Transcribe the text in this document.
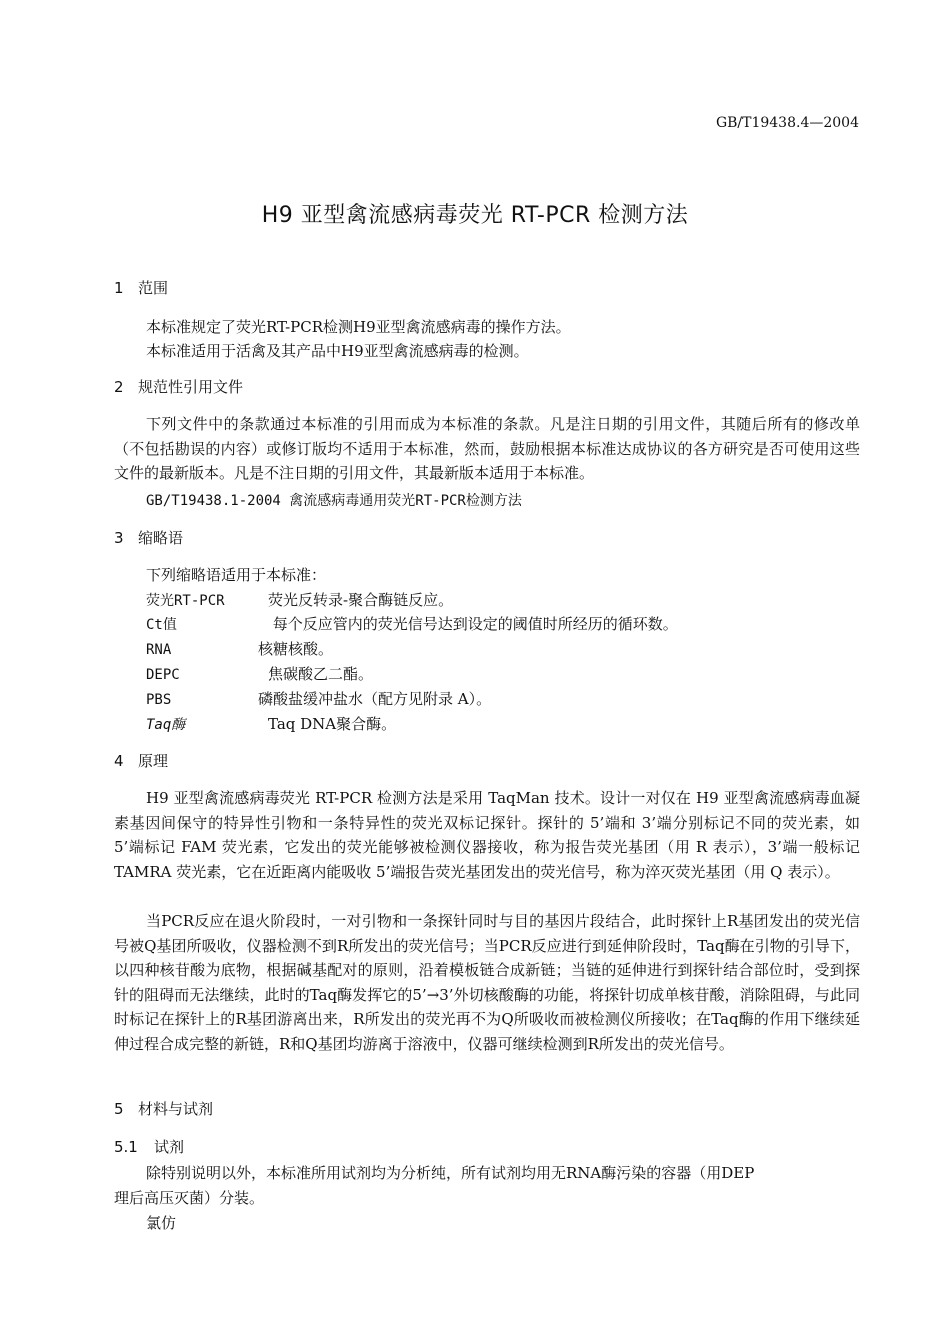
GB/T19438.4—2004
H9 亚型禽流感病毒荧光 RT-PCR 检测方法
1 范围
本标准规定了荧光RT-PCR检测H9亚型禽流感病毒的操作方法。
本标准适用于活禽及其产品中H9亚型禽流感病毒的检测。
2 规范性引用文件

下列文件中的条款通过本标准的引用而成为本标准的条款。凡是注日期的引用文件，其随后所有的修改单（不包括勘误的内容）或修订版均不适用于本标准，然而，鼓励根据本标准达成协议的各方研究是否可使用这些文件的最新版本。凡是不注日期的引用文件，其最新版本适用于本标准。

GB/T19438.1-2004 禽流感病毒通用荧光RT-PCR检测方法
3 缩略语
下列缩略语适用于本标准：
荧光RT-PCR	荧光反转录-聚合酶链反应。
Ct值	每个反应管内的荧光信号达到设定的阈值时所经历的循环数。
RNA	核糖核酸。
DEPC	焦碳酸乙二酯。
PBS	磷酸盐缓冲盐水（配方见附录 A）。
Taq酶	Taq DNA聚合酶。
4 原理

H9 亚型禽流感病毒荧光 RT-PCR 检测方法是采用 TaqMan 技术。设计一对仅在 H9 亚型禽流感病毒血凝素基因间保守的特异性引物和一条特异性的荧光双标记探针。探针的 5’端和 3’端分别标记不同的荧光素，如 5’端标记 FAM 荧光素，它发出的荧光能够被检测仪器接收，称为报告荧光基团（用 R 表示），3’端一般标记 TAMRA 荧光素，它在近距离内能吸收 5’端报告荧光基团发出的荧光信号，称为淬灭荧光基团（用 Q 表示）。

当PCR反应在退火阶段时，一对引物和一条探针同时与目的基因片段结合，此时探针上R基团发出的荧光信号被Q基团所吸收，仪器检测不到R所发出的荧光信号；当PCR反应进行到延伸阶段时，Taq酶在引物的引导下，以四种核苷酸为底物，根据碱基配对的原则，沿着模板链合成新链；当链的延伸进行到探针结合部位时，受到探针的阻碍而无法继续，此时的Taq酶发挥它的5’→3’外切核酸酶的功能，将探针切成单核苷酸，消除阻碍，与此同时标记在探针上的R基团游离出来，R所发出的荧光再不为Q所吸收而被检测仪所接收；在Taq酶的作用下继续延伸过程合成完整的新链，R和Q基团均游离于溶液中，仪器可继续检测到R所发出的荧光信号。

5 材料与试剂
5.1 试剂
除特别说明以外，本标准所用试剂均为分析纯，所有试剂均用无RNA酶污染的容器（用DEP
理后高压灭菌）分装。
氯仿
